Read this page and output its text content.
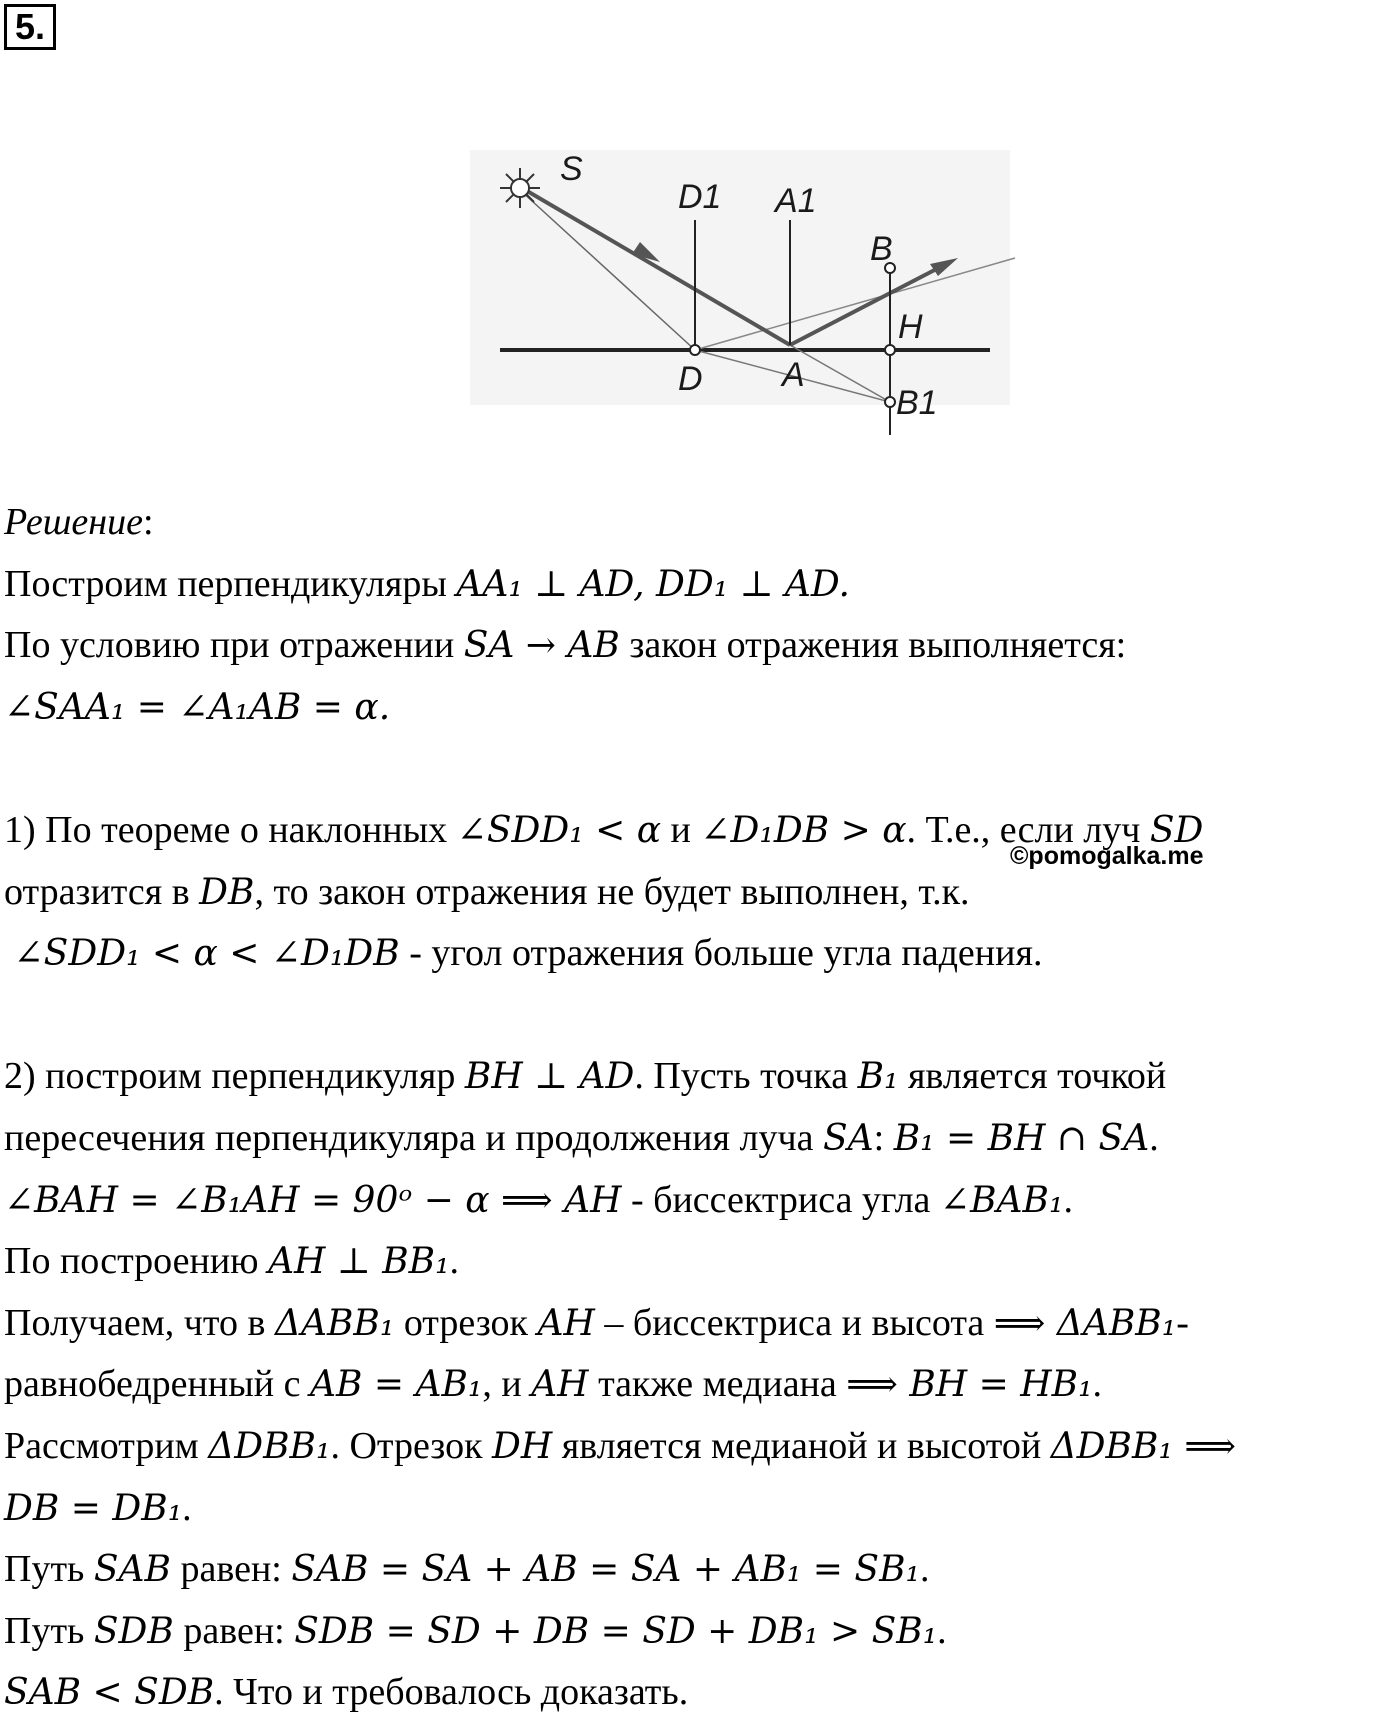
5.
S
D1 A1
B
H
D A
B1
Решение:
Построим перпендикуляры AA₁ ⊥ AD, DD₁ ⊥ AD.
По условию при отражении SA → AB закон отражения выполняется:
∠SAA₁ = ∠A₁AB = α.
1) По теореме о наклонных ∠SDD₁ < α и ∠D₁DB > α. Т.е., если луч SD
отразится в DB, то закон отражения не будет выполнен, т.к.
∠SDD₁ < α < ∠D₁DB - угол отражения больше угла падения.
2) построим перпендикуляр BH ⊥ AD. Пусть точка B₁ является точкой
пересечения перпендикуляра и продолжения луча SA: B₁ = BH ∩ SA.
∠BAH = ∠B₁AH = 90ᵒ − α ⟹ AH - биссектриса угла ∠BAB₁.
По построению AH ⊥ BB₁.
Получаем, что в ΔABB₁ отрезок AH – биссектриса и высота ⟹ ΔABB₁-
равнобедренный с AB = AB₁, и AH также медиана ⟹ BH = HB₁.
Рассмотрим ΔDBB₁. Отрезок DH является медианой и высотой ΔDBB₁ ⟹
DB = DB₁.
Путь SAB равен: SAB = SA + AB = SA + AB₁ = SB₁.
Путь SDB равен: SDB = SD + DB = SD + DB₁ > SB₁.
SAB < SDB. Что и требовалось доказать.
©pomogalka.me
